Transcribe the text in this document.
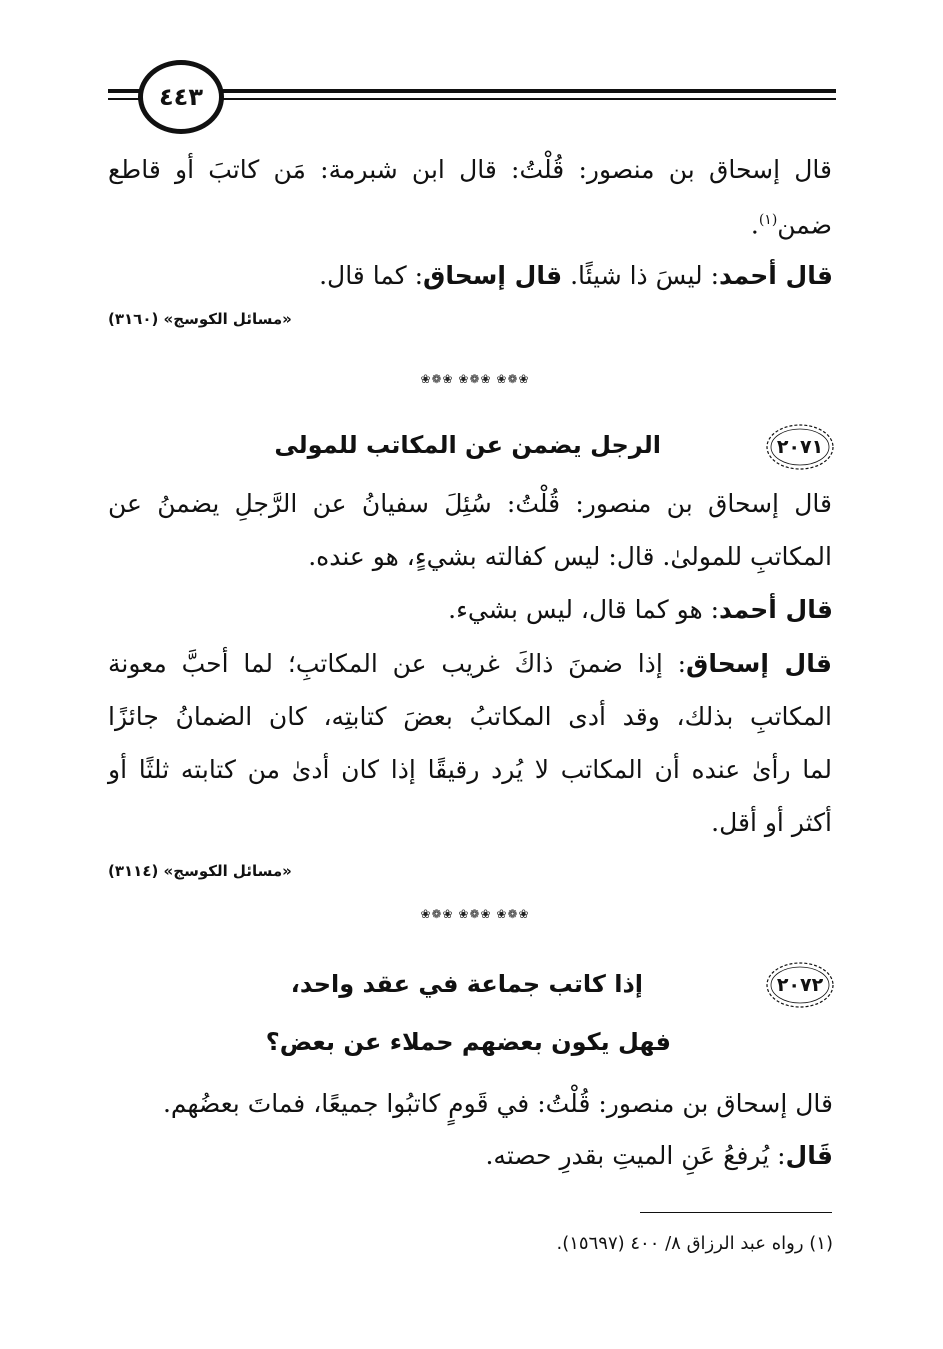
٤٤٣
قال إسحاق بن منصور: قُلْتُ: قال ابن شبرمة: مَن كاتبَ أو قاطع
ضمن$^{(١)}$.
قال أحمد: ليسَ ذا شيئًا. قال إسحاق: كما قال.
«مسائل الكوسج» (٣١٦٠)
❀❁❀ ❀❁❀ ❀❁❀
٢٠٧١
الرجل يضمن عن المكاتب للمولى
قال إسحاق بن منصور: قُلْتُ: سُئِلَ سفيانُ عن الرَّجلِ يضمنُ عن
المكاتبِ للمولىٰ. قال: ليس كفالته بشيءٍ، هو عنده.
قال أحمد: هو كما قال، ليس بشيء.
قال إسحاق: إذا ضمنَ ذاكَ غريب عن المكاتبِ؛ لما أحبَّ معونة
المكاتبِ بذلك، وقد أدى المكاتبُ بعضَ كتابتِه، كان الضمانُ جائزًا
لما رأىٰ عنده أن المكاتب لا يُرد رقيقًا إذا كان أدىٰ من كتابته ثلثًا أو
أكثر أو أقل.
«مسائل الكوسج» (٣١١٤)
❀❁❀ ❀❁❀ ❀❁❀
٢٠٧٢
إذا كاتب جماعة في عقد واحد،
فهل يكون بعضهم حملاء عن بعض؟
قال إسحاق بن منصور: قُلْتُ: في قَومٍ كاتبُوا جميعًا، فماتَ بعضُهم.
قَال: يُرفعُ عَنِ الميتِ بقدرِ حصته.
(١) رواه عبد الرزاق ٨/ ٤٠٠ (١٥٦٩٧).
